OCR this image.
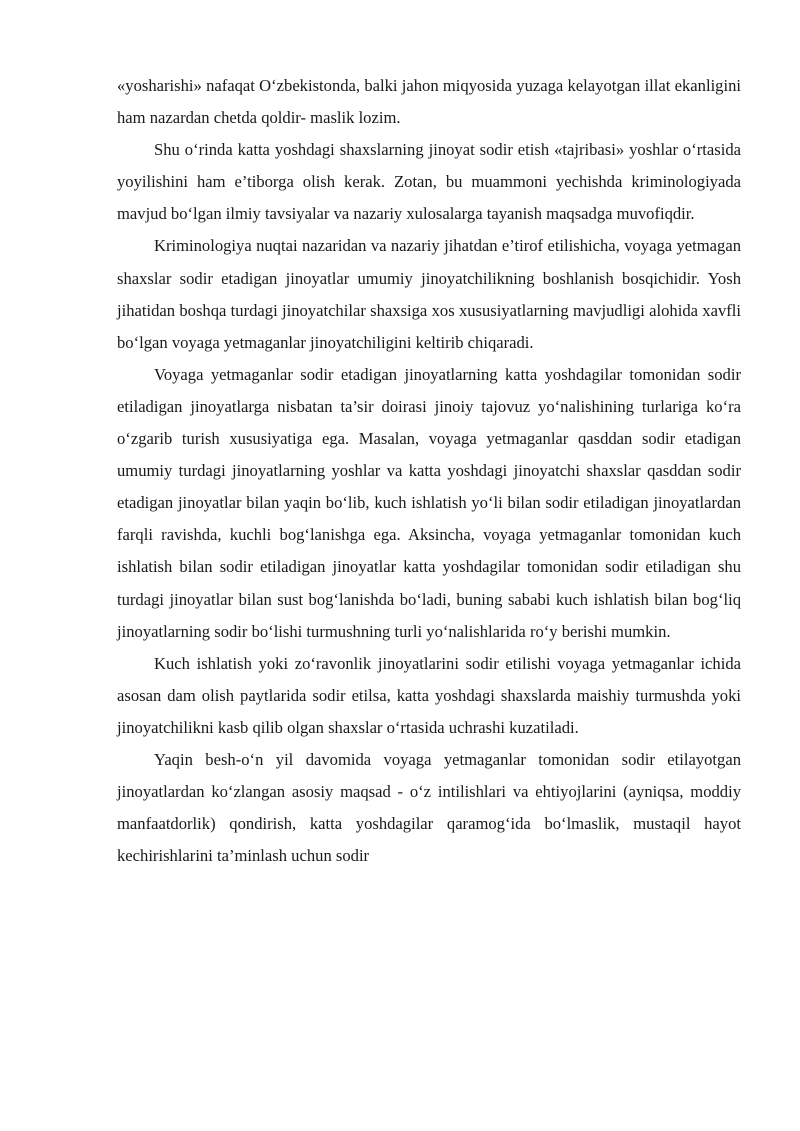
«yosharishi» nafaqat O‘zbekistonda, balki jahon miqyosida yuzaga kelayotgan illat ekanligini ham nazardan chetda qoldir- maslik lozim.

Shu o‘rinda katta yoshdagi shaxslarning jinoyat sodir etish «tajribasi» yoshlar o‘rtasida yoyilishini ham e’tiborga olish kerak. Zotan, bu muammoni yechishda kriminologiyada mavjud bo‘lgan ilmiy tavsiyalar va nazariy xulosalarga tayanish maqsadga muvofiqdir.

Kriminologiya nuqtai nazaridan va nazariy jihatdan e’tirof etilishicha, voyaga yetmagan shaxslar sodir etadigan jinoyatlar umumiy jinoyatchilikning boshlanish bosqichidir. Yosh jihatidan boshqa turdagi jinoyatchilar shaxsiga xos xususiyatlarning mavjudligi alohida xavfli bo‘lgan voyaga yetmaganlar jinoyatchiligini keltirib chiqaradi.

Voyaga yetmaganlar sodir etadigan jinoyatlarning katta yoshdagilar tomonidan sodir etiladigan jinoyatlarga nisbatan ta’sir doirasi jinoiy tajovuz yo‘nalishining turlariga ko‘ra o‘zgarib turish xususiyatiga ega. Masalan, voyaga yetmaganlar qasddan sodir etadigan umumiy turdagi jinoyatlarning yoshlar va katta yoshdagi jinoyatchi shaxslar qasddan sodir etadigan jinoyatlar bilan yaqin bo‘lib, kuch ishlatish yo‘li bilan sodir etiladigan jinoyatlardan farqli ravishda, kuchli bog‘lanishga ega. Aksincha, voyaga yetmaganlar tomonidan kuch ishlatish bilan sodir etiladigan jinoyatlar katta yoshdagilar tomonidan sodir etiladigan shu turdagi jinoyatlar bilan sust bog‘lanishda bo‘ladi, buning sababi kuch ishlatish bilan bog‘liq jinoyatlarning sodir bo‘lishi turmushning turli yo‘nalishlarida ro‘y berishi mumkin.

Kuch ishlatish yoki zo‘ravonlik jinoyatlarini sodir etilishi voyaga yetmaganlar ichida asosan dam olish paytlarida sodir etilsa, katta yoshdagi shaxslarda maishiy turmushda yoki jinoyatchilikni kasb qilib olgan shaxslar o‘rtasida uchrashi kuzatiladi.

Yaqin besh-o‘n yil davomida voyaga yetmaganlar tomonidan sodir etilayotgan jinoyatlardan ko‘zlangan asosiy maqsad - o‘z intilishlari va ehtiyojlarini (ayniqsa, moddiy manfaatdorlik) qondirish, katta yoshdagilar qaramog‘ida bo‘lmaslik, mustaqil hayot kechirishlarini ta’minlash uchun sodir
